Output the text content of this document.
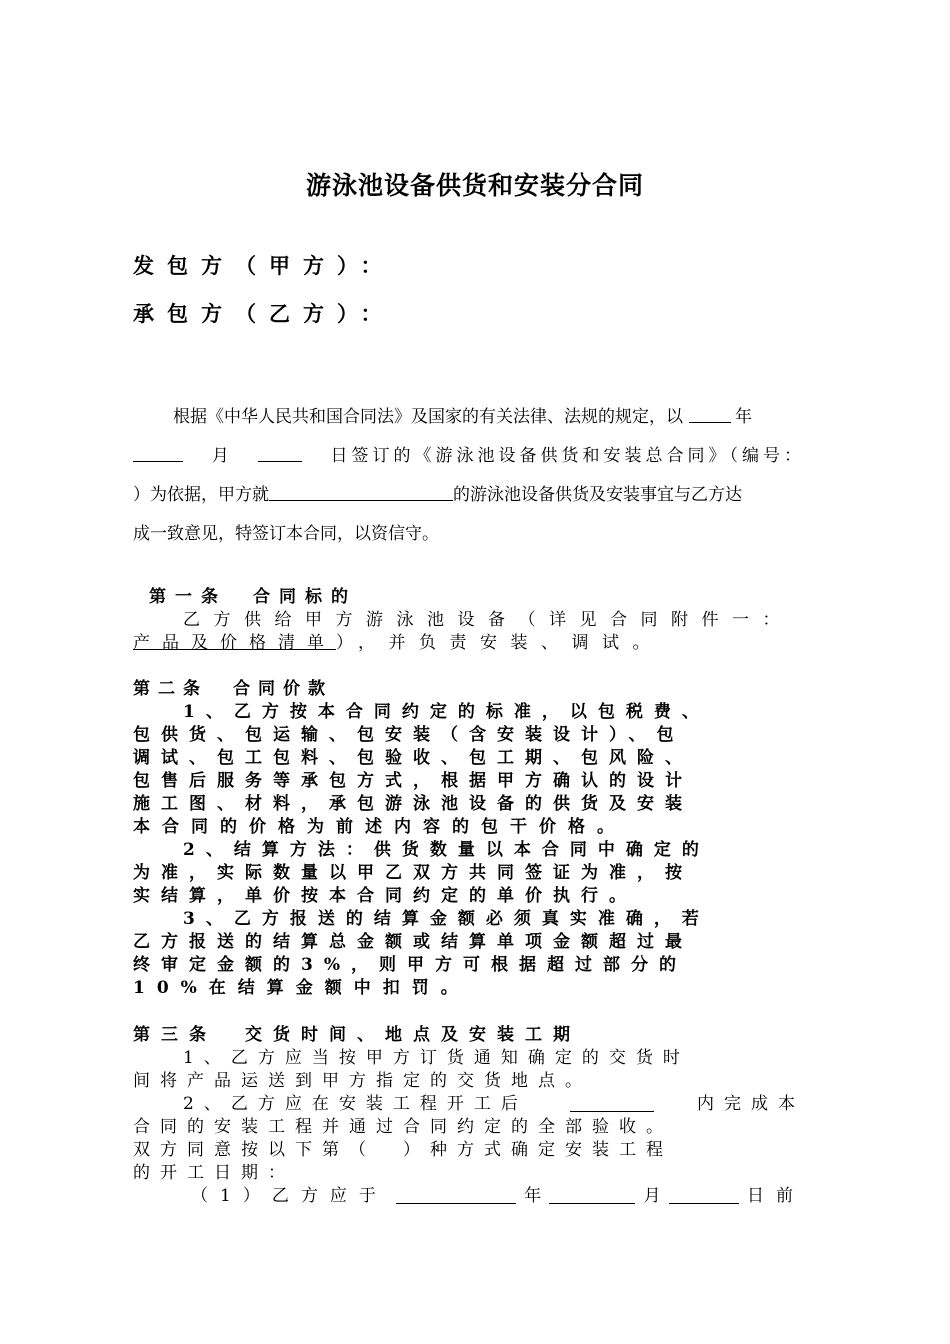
游泳池设备供货和安装分合同
发包方（甲方）：
承包方（乙方）：
根据《中华人民共和国合同法》及国家的有关法律、法规的规定，以	年
月	日签订的《游泳池设备供货和安装总合同》（编号：
）为依据，甲方就	的游泳池设备供货及安装事宜与乙方达
成一致意见，特签订本合同，以资信守。
第一条　合同标的
乙方供给甲方游泳池设备（详见合同附件一：
产品及价格清单 ），并负责安装、调试。
第二条　合同价款
1、乙方按本合同约定的标准，以包税费、
包供货、包运输、包安装（含安装设计）、包
调试、包工包料、包验收、包工期、包风险、
包售后服务等承包方式，根据甲方确认的设计
施工图、材料，承包游泳池设备的供货及安装
本合同的价格为前述内容的包干价格。
2、结算方法：供货数量以本合同中确定的
为准，实际数量以甲乙双方共同签证为准，按
实结算，单价按本合同约定的单价执行。
3、乙方报送的结算金额必须真实准确，若
乙方报送的结算总金额或结算单项金额超过最
终审定金额的3%，则甲方可根据超过部分的
10%在结算金额中扣罚。
第三条　交货时间、地点及安装工期
1、乙方应当按甲方订货通知确定的交货时
间将产品运送到甲方指定的交货地点。
2、乙方应在安装工程开工后	内完成本
合同的安装工程并通过合同约定的全部验收。
双方同意按以下第（　）种方式确定安装工程
的开工日期：
（1）乙方应于	年	月	日前
